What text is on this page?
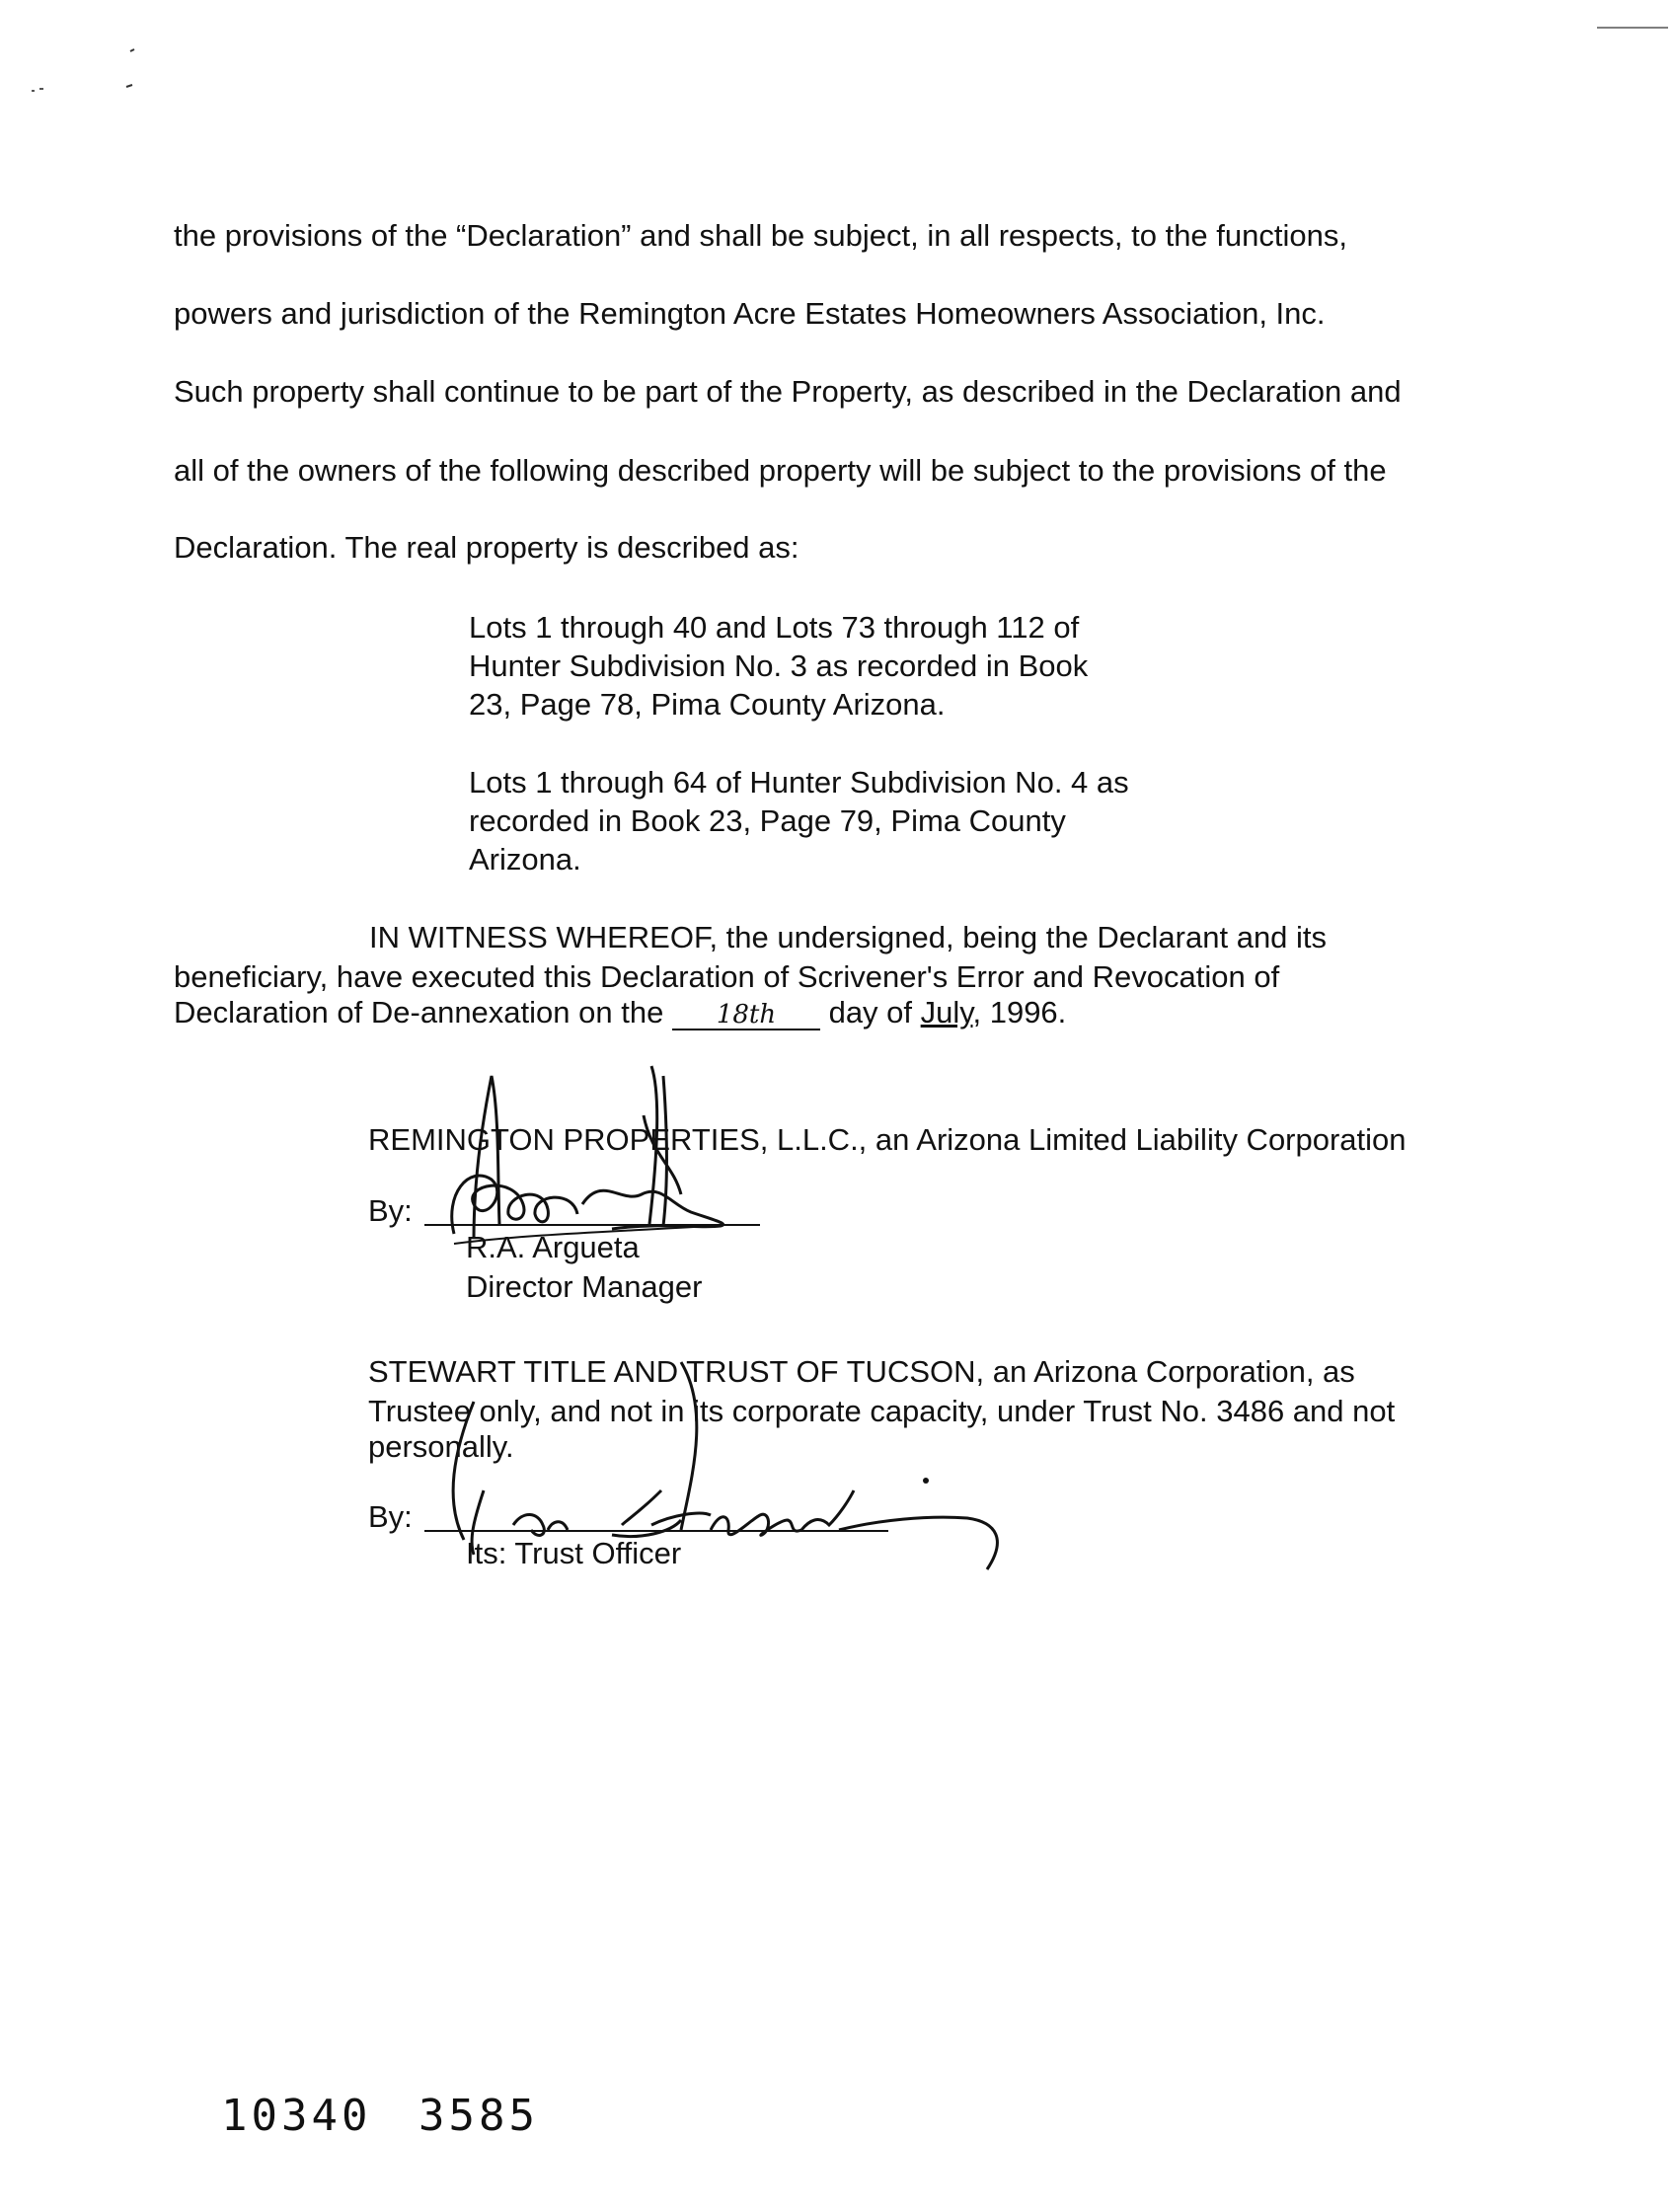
the provisions of the “Declaration” and shall be subject, in all respects, to the functions,
powers and jurisdiction of the Remington Acre Estates Homeowners Association, Inc.
Such property shall continue to be part of the Property, as described in the Declaration and
all of the owners of the following described property will be subject to the provisions of the
Declaration. The real property is described as:
Lots 1 through 40 and Lots 73 through 112 of
Hunter Subdivision No. 3 as recorded in Book
23, Page 78, Pima County Arizona.
Lots 1 through 64 of Hunter Subdivision No. 4 as
recorded in Book 23, Page 79, Pima County
Arizona.
IN WITNESS WHEREOF, the undersigned, being the Declarant and its
beneficiary, have executed this Declaration of Scrivener's Error and Revocation of
Declaration of De-annexation on the 18th day of July, 1996.
REMINGTON PROPERTIES, L.L.C., an Arizona Limited Liability Corporation
By:
R.A. Argueta
Director Manager
STEWART TITLE AND TRUST OF TUCSON, an Arizona Corporation, as
Trustee only, and not in its corporate capacity, under Trust No. 3486 and not
personally.
By:
Its: Trust Officer
10340 3585
